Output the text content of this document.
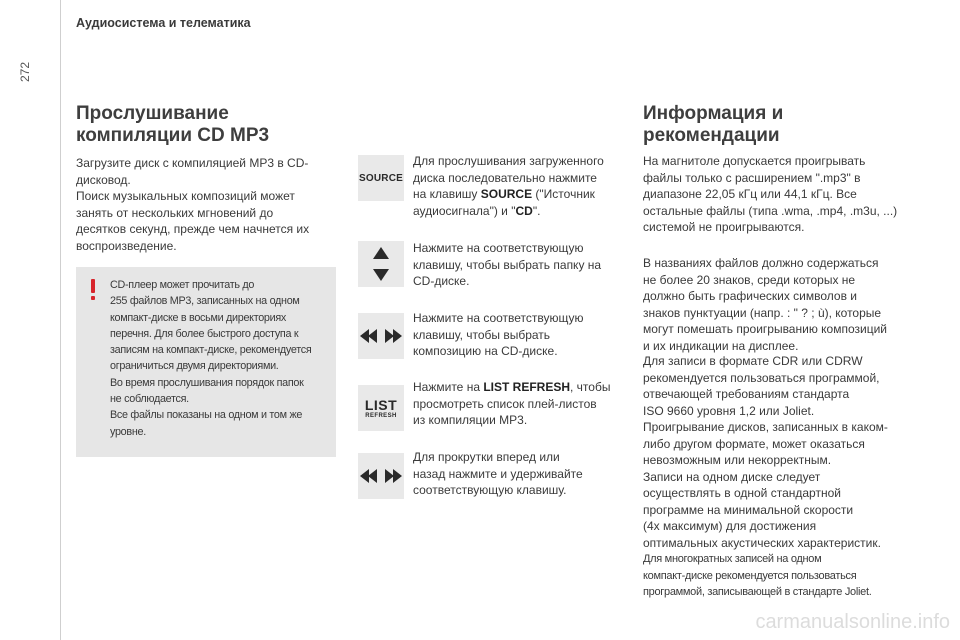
Аудиосистема и телематика
272
Прослушивание
компиляции CD MP3
Загрузите диск с компиляцией MP3 в CD-
дисковод.
Поиск музыкальных композиций может
занять от нескольких мгновений до
десятков секунд, прежде чем начнется их
воспроизведение.
CD-плеер может прочитать до
255 файлов MP3, записанных на одном
компакт-диске в восьми директориях
перечня. Для более быстрого доступа к
записям на компакт-диске, рекомендуется
ограничиться двумя директориями.
Во время прослушивания порядок папок
не соблюдается.
Все файлы показаны на одном и том же
уровне.
SOURCE
LIST
REFRESH
Для прослушивания загруженного
диска последовательно нажмите
на клавишу SOURCE ("Источник
аудиосигнала") и "CD".
Нажмите на соответствующую
клавишу, чтобы выбрать папку на
CD-диске.
Нажмите на соответствующую
клавишу, чтобы выбрать
композицию на CD-диске.
Нажмите на LIST REFRESH, чтобы
просмотреть список плей-листов
из компиляции MP3.
Для прокрутки вперед или
назад нажмите и удерживайте
соответствующую клавишу.
Информация и
рекомендации
На магнитоле допускается проигрывать
файлы только с расширением ".mp3" в
диапазоне 22,05 кГц или 44,1 кГц. Все
остальные файлы (типа .wma, .mp4, .m3u, ...)
системой не проигрываются.
В названиях файлов должно содержаться
не более 20 знаков, среди которых не
должно быть графических символов и
знаков пунктуации (напр. : " ? ; ù), которые
могут помешать проигрыванию композиций
и их индикации на дисплее.
Для записи в формате CDR или CDRW
рекомендуется пользоваться программой,
отвечающей требованиям стандарта
ISO 9660 уровня 1,2 или Joliet.
Проигрывание дисков, записанных в каком-
либо другом формате, может оказаться
невозможным или некорректным.
Записи на одном диске следует
осуществлять в одной стандартной
программе на минимальной скорости
(4x максимум) для достижения
оптимальных акустических характеристик.
Для многократных записей на одном
компакт-диске рекомендуется пользоваться
программой, записывающей в стандарте Joliet.
carmanualsonline.info
